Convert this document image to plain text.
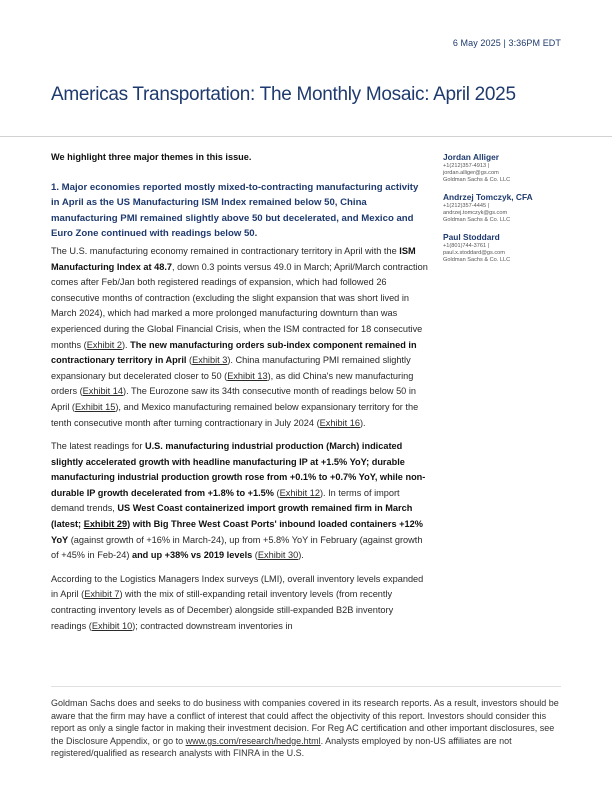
6 May 2025 | 3:36PM EDT
Americas Transportation: The Monthly Mosaic: April 2025

We highlight three major themes in this issue.

1. Major economies reported mostly mixed-to-contracting manufacturing activity in April as the US Manufacturing ISM Index remained below 50, China manufacturing PMI remained slightly above 50 but decelerated, and Mexico and Euro Zone continued with readings below 50.

The U.S. manufacturing economy remained in contractionary territory in April with the ISM Manufacturing Index at 48.7, down 0.3 points versus 49.0 in March; April/March contraction comes after Feb/Jan both registered readings of expansion, which had followed 26 consecutive months of contraction (excluding the slight expansion that was short lived in March 2024), which had marked a more prolonged manufacturing downturn than was experienced during the Global Financial Crisis, when the ISM contracted for 18 consecutive months (Exhibit 2). The new manufacturing orders sub-index component remained in contractionary territory in April (Exhibit 3). China manufacturing PMI remained slightly expansionary but decelerated closer to 50 (Exhibit 13), as did China's new manufacturing orders (Exhibit 14). The Eurozone saw its 34th consecutive month of readings below 50 in April (Exhibit 15), and Mexico manufacturing remained below expansionary territory for the tenth consecutive month after turning contractionary in July 2024 (Exhibit 16).

The latest readings for U.S. manufacturing industrial production (March) indicated slightly accelerated growth with headline manufacturing IP at +1.5% YoY; durable manufacturing industrial production growth rose from +0.1% to +0.7% YoY, while non-durable IP growth decelerated from +1.8% to +1.5% (Exhibit 12). In terms of import demand trends, US West Coast containerized import growth remained firm in March (latest; Exhibit 29) with Big Three West Coast Ports' inbound loaded containers +12% YoY (against growth of +16% in March-24), up from +5.8% YoY in February (against growth of +45% in Feb-24) and up +38% vs 2019 levels (Exhibit 30).

According to the Logistics Managers Index surveys (LMI), overall inventory levels expanded in April (Exhibit 7) with the mix of still-expanding retail inventory levels (from recently contracting inventory levels as of December) alongside still-expanded B2B inventory readings (Exhibit 10); contracted downstream inventories in

Jordan Alliger
+1(212)357-4913 |
jordan.alliger@gs.com
Goldman Sachs & Co. LLC
Andrzej Tomczyk, CFA
+1(212)357-4445 |
andrzej.tomczyk@gs.com
Goldman Sachs & Co. LLC
Paul Stoddard
+1(801)744-3761 |
paul.x.stoddard@gs.com
Goldman Sachs & Co. LLC

Goldman Sachs does and seeks to do business with companies covered in its research reports. As a result, investors should be aware that the firm may have a conflict of interest that could affect the objectivity of this report. Investors should consider this report as only a single factor in making their investment decision. For Reg AC certification and other important disclosures, see the Disclosure Appendix, or go to www.gs.com/research/hedge.html. Analysts employed by non-US affiliates are not registered/qualified as research analysts with FINRA in the U.S.
